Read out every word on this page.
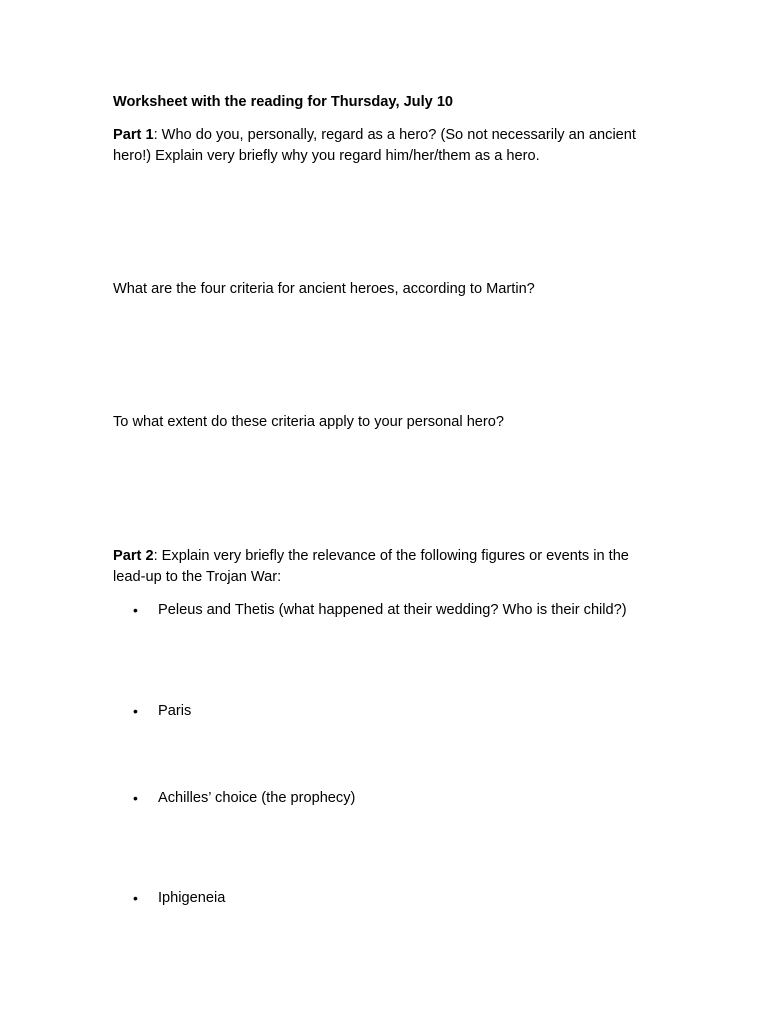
Worksheet with the reading for Thursday, July 10

Part 1: Who do you, personally, regard as a hero? (So not necessarily an ancient hero!) Explain very briefly why you regard him/her/them as a hero.

What are the four criteria for ancient heroes, according to Martin?

To what extent do these criteria apply to your personal hero?

Part 2: Explain very briefly the relevance of the following figures or events in the lead-up to the Trojan War:

•	Peleus and Thetis (what happened at their wedding? Who is their child?)
•	Paris
•	Achilles’ choice (the prophecy)
•	Iphigeneia
